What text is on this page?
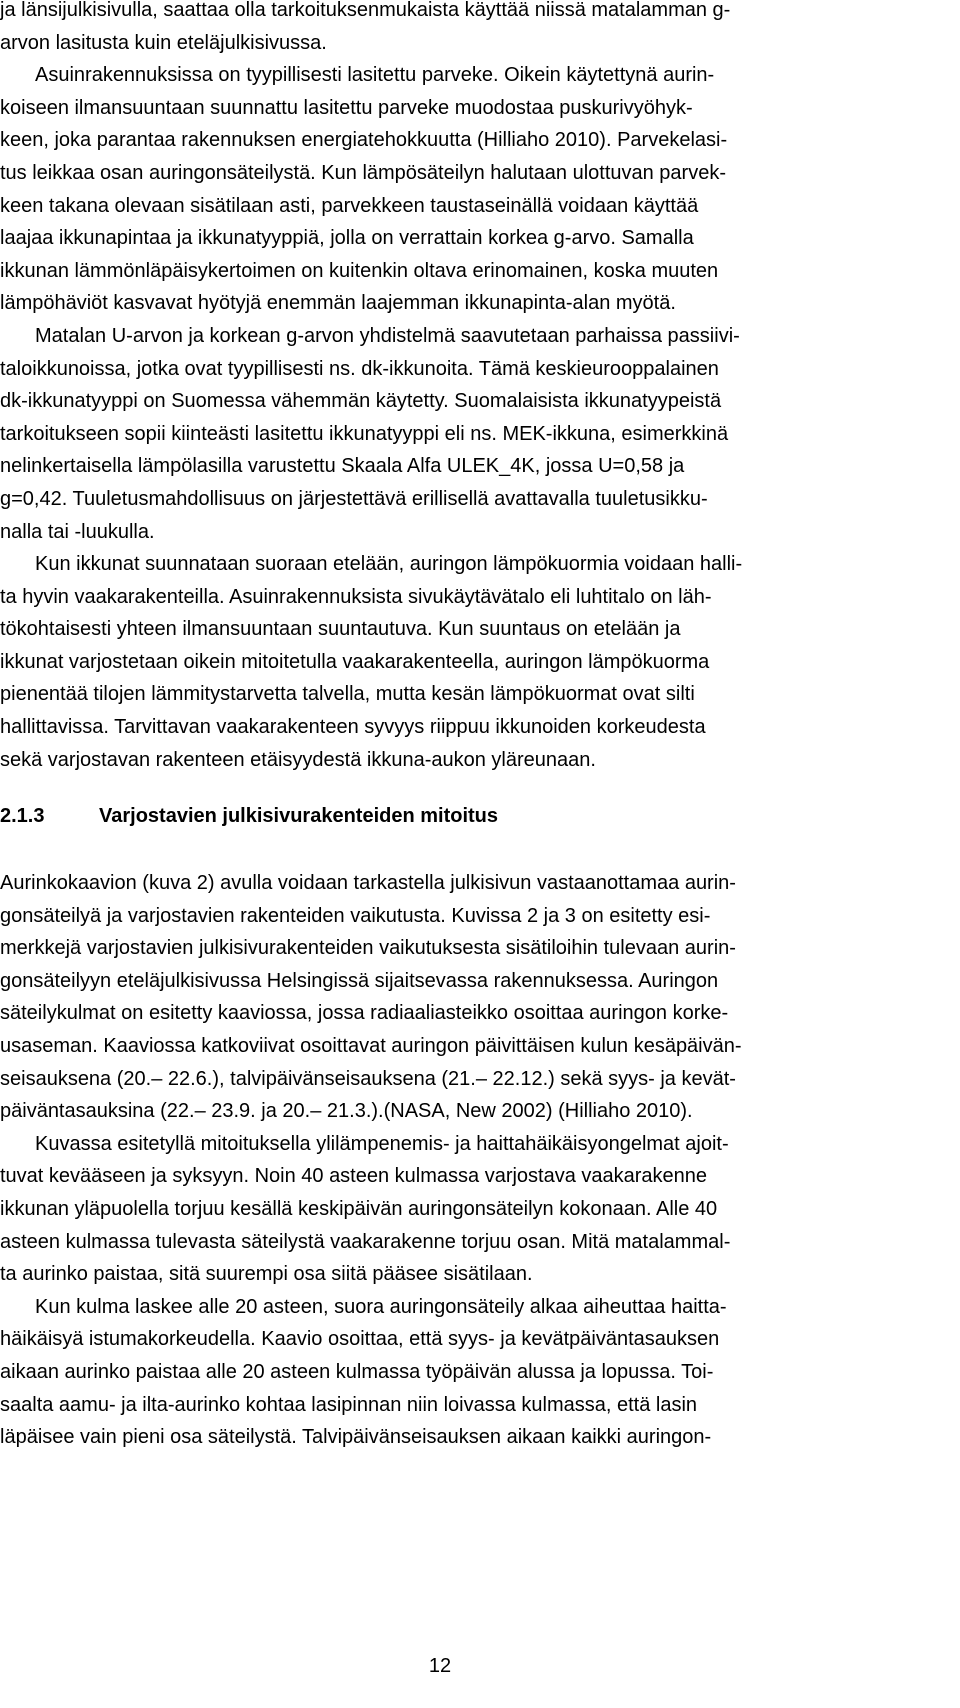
ja länsijulkisivulla, saattaa olla tarkoituksenmukaista käyttää niissä matalamman g-

arvon lasitusta kuin eteläjulkisivussa.

Asuinrakennuksissa on tyypillisesti lasitettu parveke. Oikein käytettynä aurin-

koiseen ilmansuuntaan suunnattu lasitettu parveke muodostaa puskurivyöhyk-

keen, joka parantaa rakennuksen energiatehokkuutta (Hilliaho 2010). Parvekelasi-

tus leikkaa osan auringonsäteilystä. Kun lämpösäteilyn halutaan ulottuvan parvek-

keen takana olevaan sisätilaan asti, parvekkeen taustaseinällä voidaan käyttää

laajaa ikkunapintaa ja ikkunatyyppiä, jolla on verrattain korkea g-arvo. Samalla

ikkunan lämmönläpäisykertoimen on kuitenkin oltava erinomainen, koska muuten

lämpöhäviöt kasvavat hyötyjä enemmän laajemman ikkunapinta-alan myötä.

Matalan U-arvon ja korkean g-arvon yhdistelmä saavutetaan parhaissa passiivi-

taloikkunoissa, jotka ovat tyypillisesti ns. dk-ikkunoita. Tämä keskieurooppalainen

dk-ikkunatyyppi on Suomessa vähemmän käytetty. Suomalaisista ikkunatyypeistä

tarkoitukseen sopii kiinteästi lasitettu ikkunatyyppi eli ns. MEK-ikkuna, esimerkkinä

nelinkertaisella lämpölasilla varustettu Skaala Alfa ULEK_4K, jossa U=0,58 ja

g=0,42. Tuuletusmahdollisuus on järjestettävä erillisellä avattavalla tuuletusikku-

nalla tai -luukulla.

Kun ikkunat suunnataan suoraan etelään, auringon lämpökuormia voidaan halli-

ta hyvin vaakarakenteilla. Asuinrakennuksista sivukäytävätalo eli luhtitalo on läh-

tökohtaisesti yhteen ilmansuuntaan suuntautuva. Kun suuntaus on etelään ja

ikkunat varjostetaan oikein mitoitetulla vaakarakenteella, auringon lämpökuorma

pienentää tilojen lämmitystarvetta talvella, mutta kesän lämpökuormat ovat silti

hallittavissa. Tarvittavan vaakarakenteen syvyys riippuu ikkunoiden korkeudesta

sekä varjostavan rakenteen etäisyydestä ikkuna-aukon yläreunaan.

2.1.3	Varjostavien julkisivurakenteiden mitoitus

Aurinkokaavion (kuva 2) avulla voidaan tarkastella julkisivun vastaanottamaa aurin-

gonsäteilyä ja varjostavien rakenteiden vaikutusta. Kuvissa 2 ja 3 on esitetty esi-

merkkejä varjostavien julkisivurakenteiden vaikutuksesta sisätiloihin tulevaan aurin-

gonsäteilyyn eteläjulkisivussa Helsingissä sijaitsevassa rakennuksessa. Auringon

säteilykulmat on esitetty kaaviossa, jossa radiaaliasteikko osoittaa auringon korke-

usaseman. Kaaviossa katkoviivat osoittavat auringon päivittäisen kulun kesäpäivän-

seisauksena (20.– 22.6.), talvipäivänseisauksena (21.– 22.12.) sekä syys- ja kevät-

päiväntasauksina (22.– 23.9. ja 20.– 21.3.).(NASA, New 2002) (Hilliaho 2010).

Kuvassa esitetyllä mitoituksella ylilämpenemis- ja haittahäikäisyongelmat ajoit-

tuvat kevääseen ja syksyyn. Noin 40 asteen kulmassa varjostava vaakarakenne

ikkunan yläpuolella torjuu kesällä keskipäivän auringonsäteilyn kokonaan. Alle 40

asteen kulmassa tulevasta säteilystä vaakarakenne torjuu osan. Mitä matalammal-

ta aurinko paistaa, sitä suurempi osa siitä pääsee sisätilaan.

Kun kulma laskee alle 20 asteen, suora auringonsäteily alkaa aiheuttaa haitta-

häikäisyä istumakorkeudella. Kaavio osoittaa, että syys- ja kevätpäiväntasauksen

aikaan aurinko paistaa alle 20 asteen kulmassa työpäivän alussa ja lopussa. Toi-

saalta aamu- ja ilta-aurinko kohtaa lasipinnan niin loivassa kulmassa, että lasin

läpäisee vain pieni osa säteilystä. Talvipäivänseisauksen aikaan kaikki auringon-

12
